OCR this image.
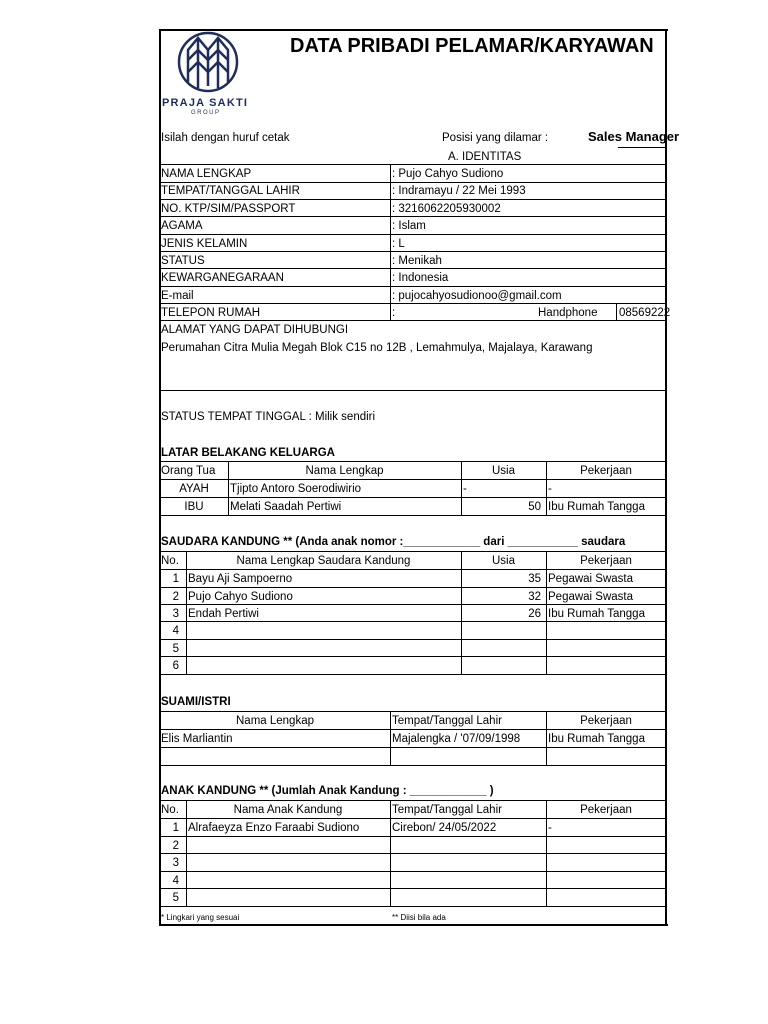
PRAJA SAKTI
GROUP
DATA PRIBADI PELAMAR/KARYAWAN
Isilah dengan huruf cetak	Posisi yang dilamar :	Sales Manager
A. IDENTITAS
NAMA LENGKAP	: Pujo Cahyo Sudiono
TEMPAT/TANGGAL LAHIR	: Indramayu / 22 Mei 1993
NO. KTP/SIM/PASSPORT	: 3216062205930002
AGAMA	: Islam
JENIS KELAMIN	: L
STATUS	: Menikah
KEWARGANEGARAAN	: Indonesia
E-mail	: pujocahyosudionoo@gmail.com
TELEPON RUMAH	:	Handphone 08569222
ALAMAT YANG DAPAT DIHUBUNGI
Perumahan Citra Mulia Megah Blok C15 no 12B , Lemahmulya, Majalaya, Karawang
STATUS TEMPAT TINGGAL : Milik sendiri
LATAR BELAKANG KELUARGA
Orang Tua	Nama Lengkap	Usia	Pekerjaan
AYAH	Tjipto Antoro Soerodiwirio	-	-
IBU	Melati Saadah Pertiwi	50 Ibu Rumah Tangga
SAUDARA KANDUNG ** (Anda anak nomor :____________ dari ___________ saudara
No.	Nama Lengkap Saudara Kandung	Usia	Pekerjaan
1 Bayu Aji Sampoerno	35 Pegawai Swasta
2 Pujo Cahyo Sudiono	32 Pegawai Swasta
3 Endah Pertiwi	26 Ibu Rumah Tangga
4
5
6
SUAMI/ISTRI
Nama Lengkap	Tempat/Tanggal Lahir	Pekerjaan
Elis Marliantin	Majalengka / '07/09/1998 Ibu Rumah Tangga
ANAK KANDUNG ** (Jumlah Anak Kandung : ____________ )
No.	Nama Anak Kandung	Tempat/Tanggal Lahir	Pekerjaan
1 Alrafaeyza Enzo Faraabi Sudiono	Cirebon/ 24/05/2022	-
2
3
4
5
* Lingkari yang sesuai	** Diisi bila ada
